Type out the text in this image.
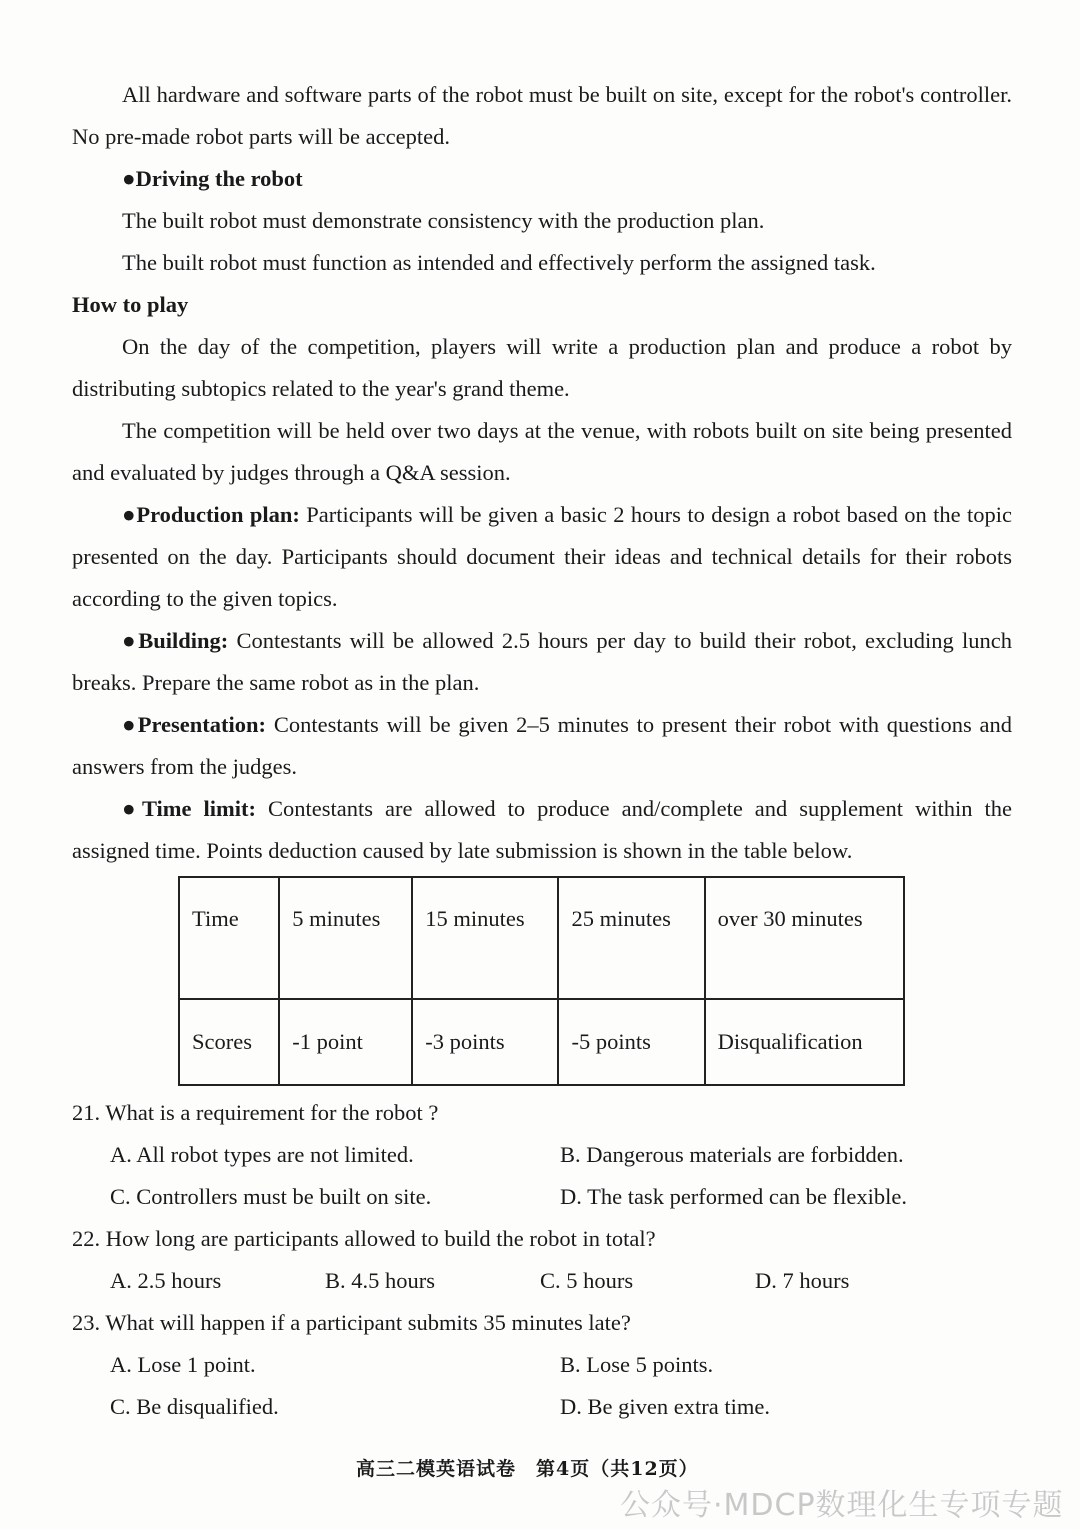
All hardware and software parts of the robot must be built on site, except for the robot's controller. No pre-made robot parts will be accepted.

●Driving the robot

The built robot must demonstrate consistency with the production plan.

The built robot must function as intended and effectively perform the assigned task.

How to play

On the day of the competition, players will write a production plan and produce a robot by distributing subtopics related to the year's grand theme.

The competition will be held over two days at the venue, with robots built on site being presented and evaluated by judges through a Q&A session.

●Production plan: Participants will be given a basic 2 hours to design a robot based on the topic presented on the day. Participants should document their ideas and technical details for their robots according to the given topics.

●Building: Contestants will be allowed 2.5 hours per day to build their robot, excluding lunch breaks. Prepare the same robot as in the plan.

●Presentation: Contestants will be given 2–5 minutes to present their robot with questions and answers from the judges.

●Time limit: Contestants are allowed to produce and/complete and supplement within the assigned time. Points deduction caused by late submission is shown in the table below.

Time	5 minutes	15 minutes	25 minutes	over 30 minutes
Scores	-1 point	-3 points	-5 points	Disqualification

21. What is a requirement for the robot ?

A. All robot types are not limited.	B. Dangerous materials are forbidden.
C. Controllers must be built on site.	D. The task performed can be flexible.

22. How long are participants allowed to build the robot in total?

A. 2.5 hours	B. 4.5 hours	C. 5 hours	D. 7 hours

23. What will happen if a participant submits 35 minutes late?

A. Lose 1 point.	B. Lose 5 points.
C. Be disqualified.	D. Be given extra time.
高三二模英语试卷　第4页（共12页）
公众号·MDCP数理化生专项专题
